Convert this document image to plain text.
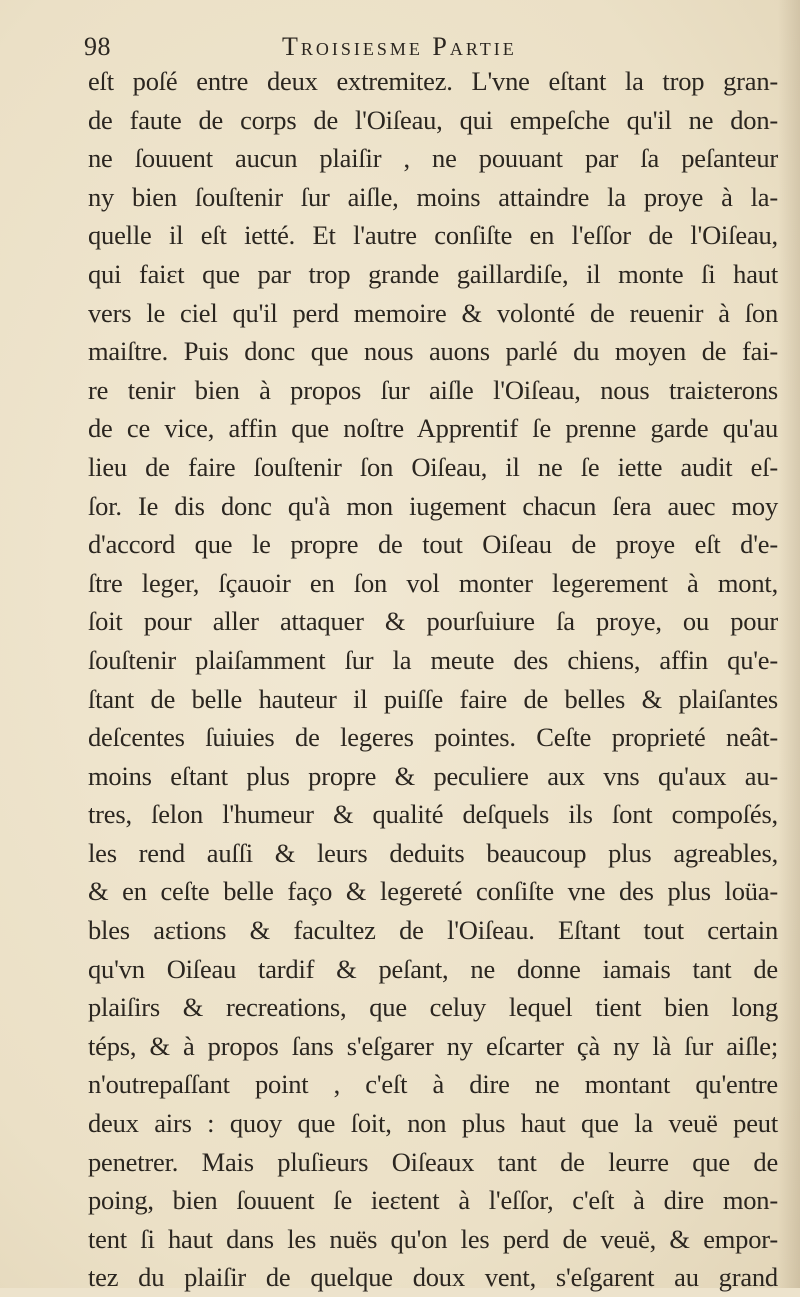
98	Troisiesme Partie
eſt poſé entre deux extremitez. L'vne eſtant la trop gran-
de faute de corps de l'Oiſeau, qui empeſche qu'il ne don-
ne ſouuent aucun plaiſir , ne pouuant par ſa peſanteur
ny bien ſouſtenir ſur aiſle, moins attaindre la proye à la-
quelle il eſt ietté. Et l'autre conſiſte en l'eſſor de l'Oiſeau,
qui faiɛt que par trop grande gaillardiſe, il monte ſi haut
vers le ciel qu'il perd memoire & volonté de reuenir à ſon
maiſtre. Puis donc que nous auons parlé du moyen de fai-
re tenir bien à propos ſur aiſle l'Oiſeau, nous traiɛterons
de ce vice, affin que noſtre Apprentif ſe prenne garde qu'au
lieu de faire ſouſtenir ſon Oiſeau, il ne ſe iette audit eſ-
ſor. Ie dis donc qu'à mon iugement chacun ſera auec moy
d'accord que le propre de tout Oiſeau de proye eſt d'e-
ſtre leger, ſçauoir en ſon vol monter legerement à mont,
ſoit pour aller attaquer & pourſuiure ſa proye, ou pour
ſouſtenir plaiſamment ſur la meute des chiens, affin qu'e-
ſtant de belle hauteur il puiſſe faire de belles & plaiſantes
deſcentes ſuiuies de legeres pointes. Ceſte proprieté neât-
moins eſtant plus propre & peculiere aux vns qu'aux au-
tres, ſelon l'humeur & qualité deſquels ils ſont compoſés,
les rend auſſi & leurs deduits beaucoup plus agreables,
& en ceſte belle faço & legereté conſiſte vne des plus loüa-
bles aɛtions & facultez de l'Oiſeau. Eſtant tout certain
qu'vn Oiſeau tardif & peſant, ne donne iamais tant de
plaiſirs & recreations, que celuy lequel tient bien long
téps, & à propos ſans s'eſgarer ny eſcarter çà ny là ſur aiſle;
n'outrepaſſant point , c'eſt à dire ne montant qu'entre
deux airs : quoy que ſoit, non plus haut que la veuë peut
penetrer. Mais pluſieurs Oiſeaux tant de leurre que de
poing, bien ſouuent ſe ieɛtent à l'eſſor, c'eſt à dire mon-
tent ſi haut dans les nuës qu'on les perd de veuë, & empor-
tez du plaiſir de quelque doux vent, s'eſgarent au grand
